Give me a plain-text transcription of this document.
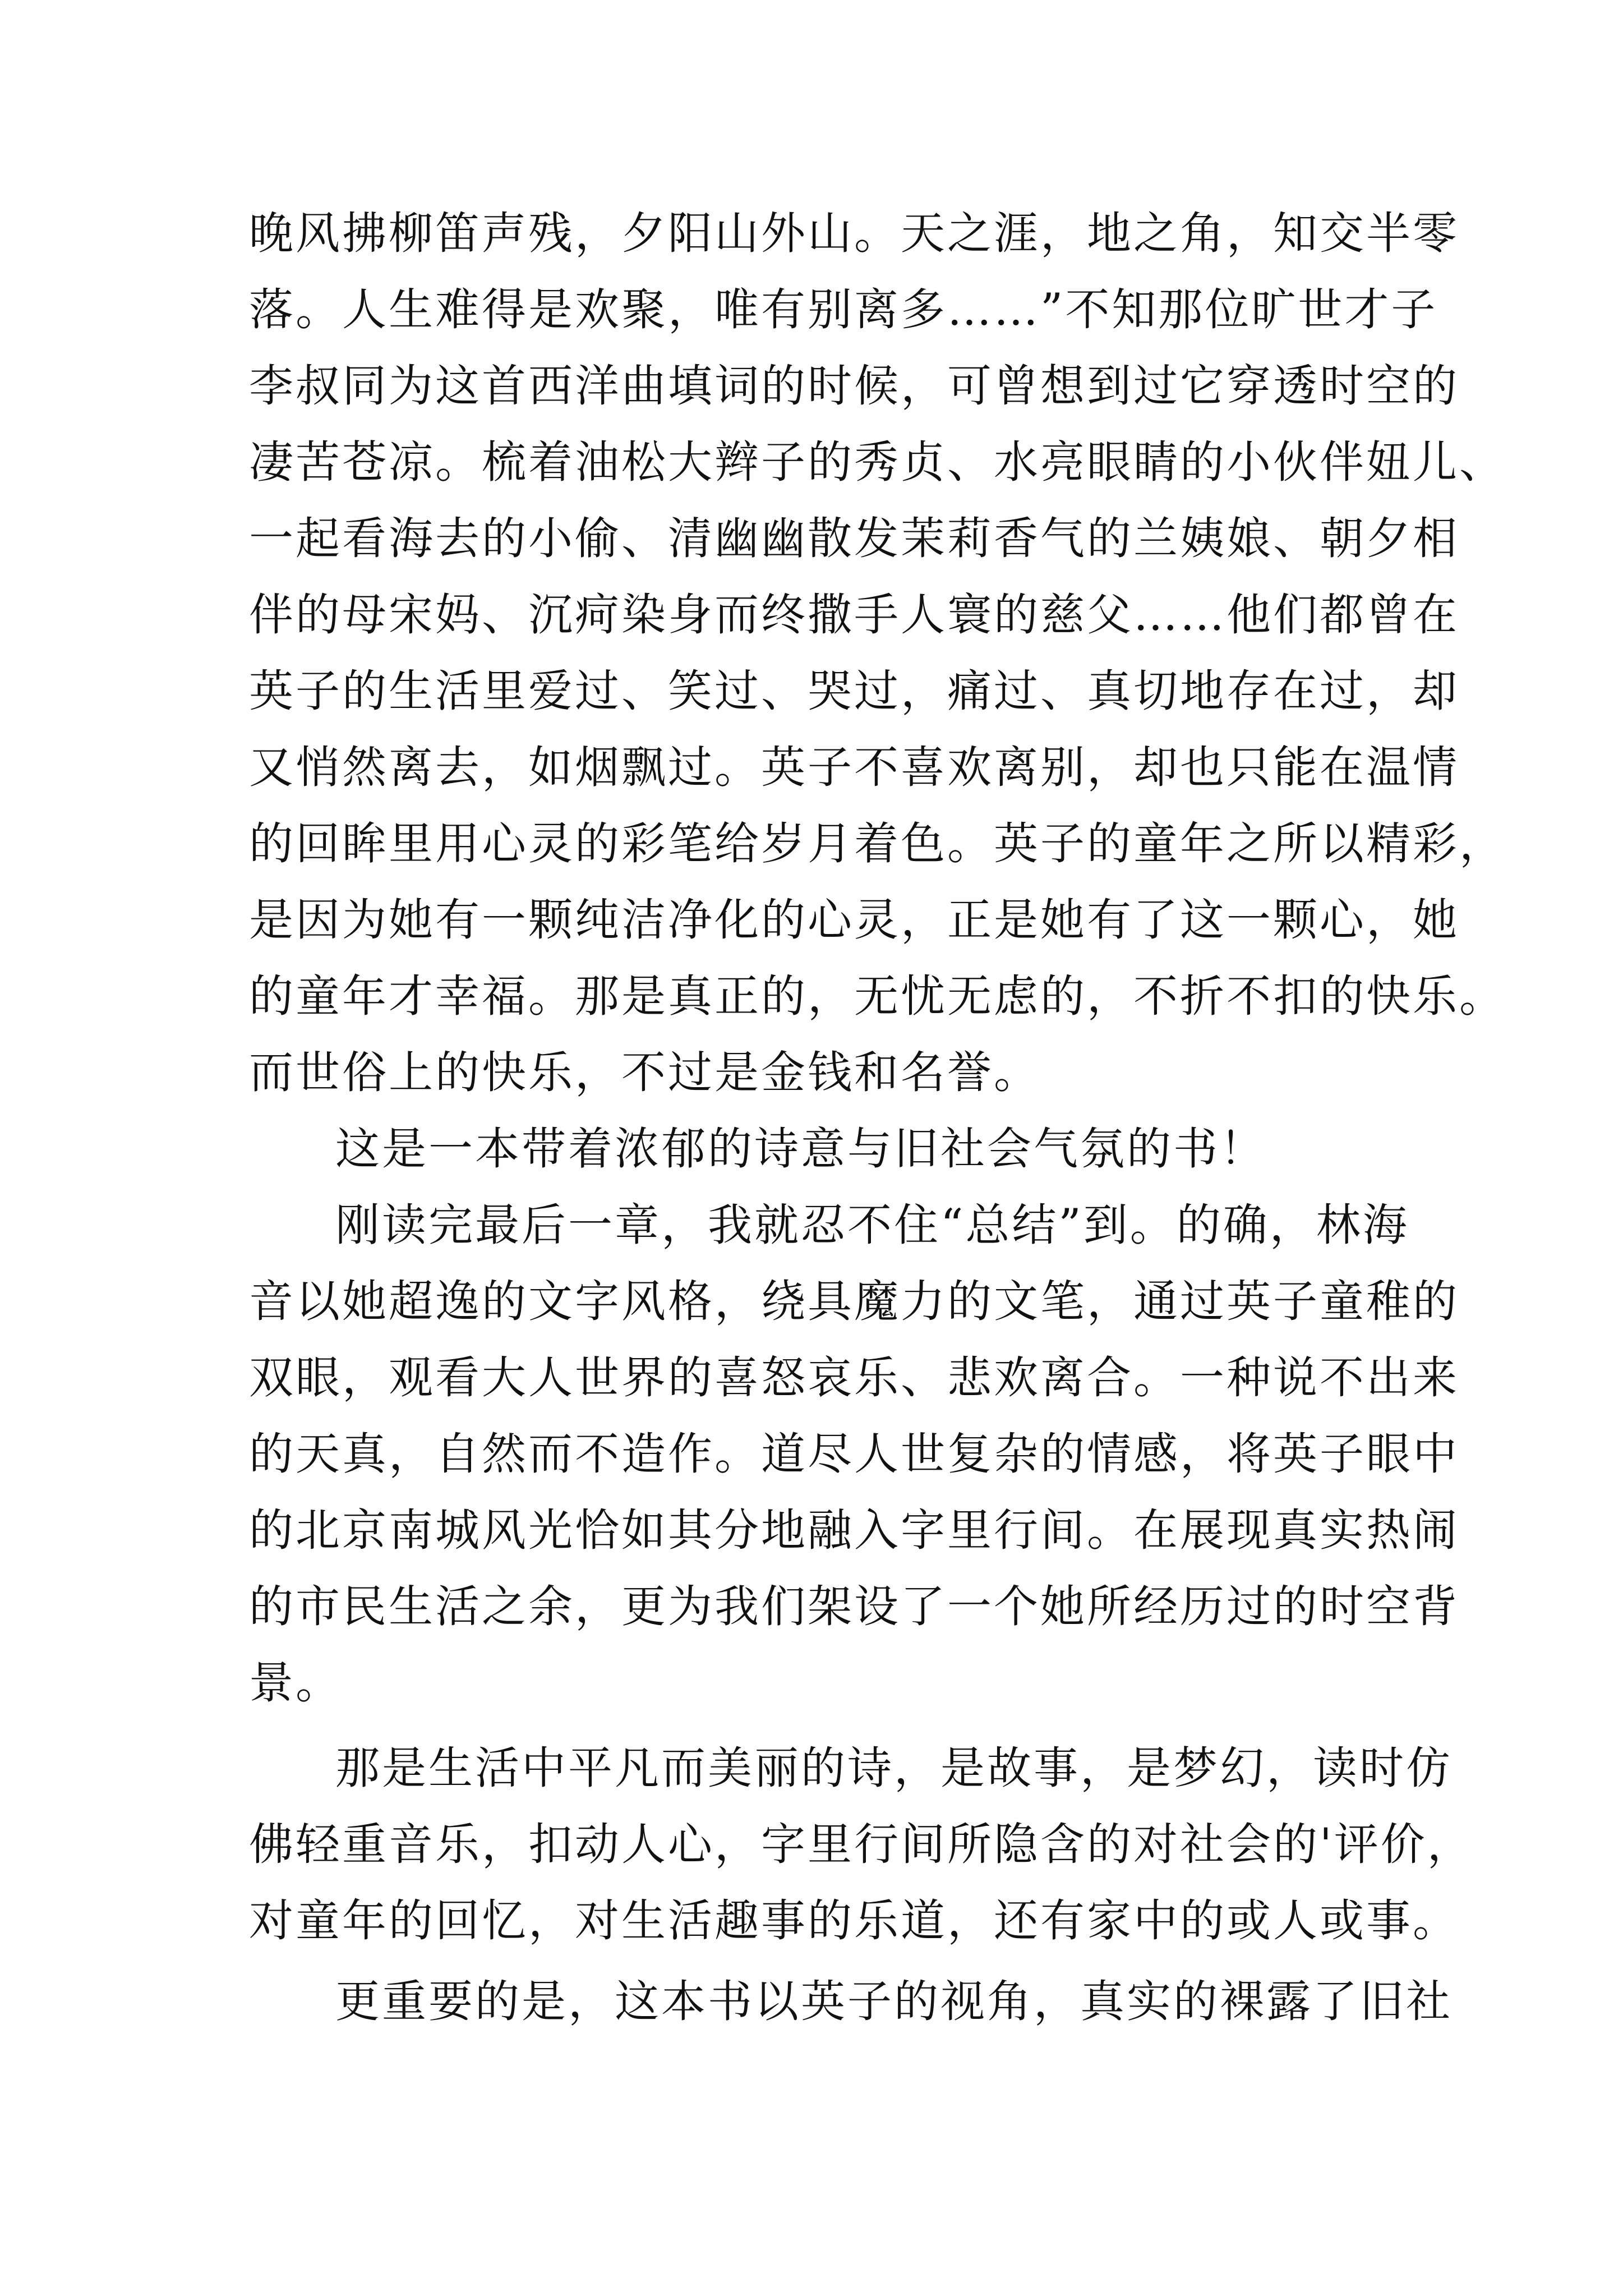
晚风拂柳笛声残，夕阳山外山。天之涯，地之角，知交半零
落。人生难得是欢聚，唯有别离多……”不知那位旷世才子
李叔同为这首西洋曲填词的时候，可曾想到过它穿透时空的
凄苦苍凉。梳着油松大辫子的秀贞、水亮眼睛的小伙伴妞儿、
一起看海去的小偷、清幽幽散发茉莉香气的兰姨娘、朝夕相
伴的母宋妈、沉疴染身而终撒手人寰的慈父……他们都曾在
英子的生活里爱过、笑过、哭过，痛过、真切地存在过，却
又悄然离去，如烟飘过。英子不喜欢离别，却也只能在温情
的回眸里用心灵的彩笔给岁月着色。英子的童年之所以精彩，
是因为她有一颗纯洁净化的心灵，正是她有了这一颗心，她
的童年才幸福。那是真正的，无忧无虑的，不折不扣的快乐。
而世俗上的快乐，不过是金钱和名誉。
这是一本带着浓郁的诗意与旧社会气氛的书！
刚读完最后一章，我就忍不住“总结”到。的确，林海
音以她超逸的文字风格，绕具魔力的文笔，通过英子童稚的
双眼，观看大人世界的喜怒哀乐、悲欢离合。一种说不出来
的天真，自然而不造作。道尽人世复杂的情感，将英子眼中
的北京南城风光恰如其分地融入字里行间。在展现真实热闹
的市民生活之余，更为我们架设了一个她所经历过的时空背
景。
那是生活中平凡而美丽的诗，是故事，是梦幻，读时仿
佛轻重音乐，扣动人心，字里行间所隐含的对社会的'评价，
对童年的回忆，对生活趣事的乐道，还有家中的或人或事。
更重要的是，这本书以英子的视角，真实的裸露了旧社
